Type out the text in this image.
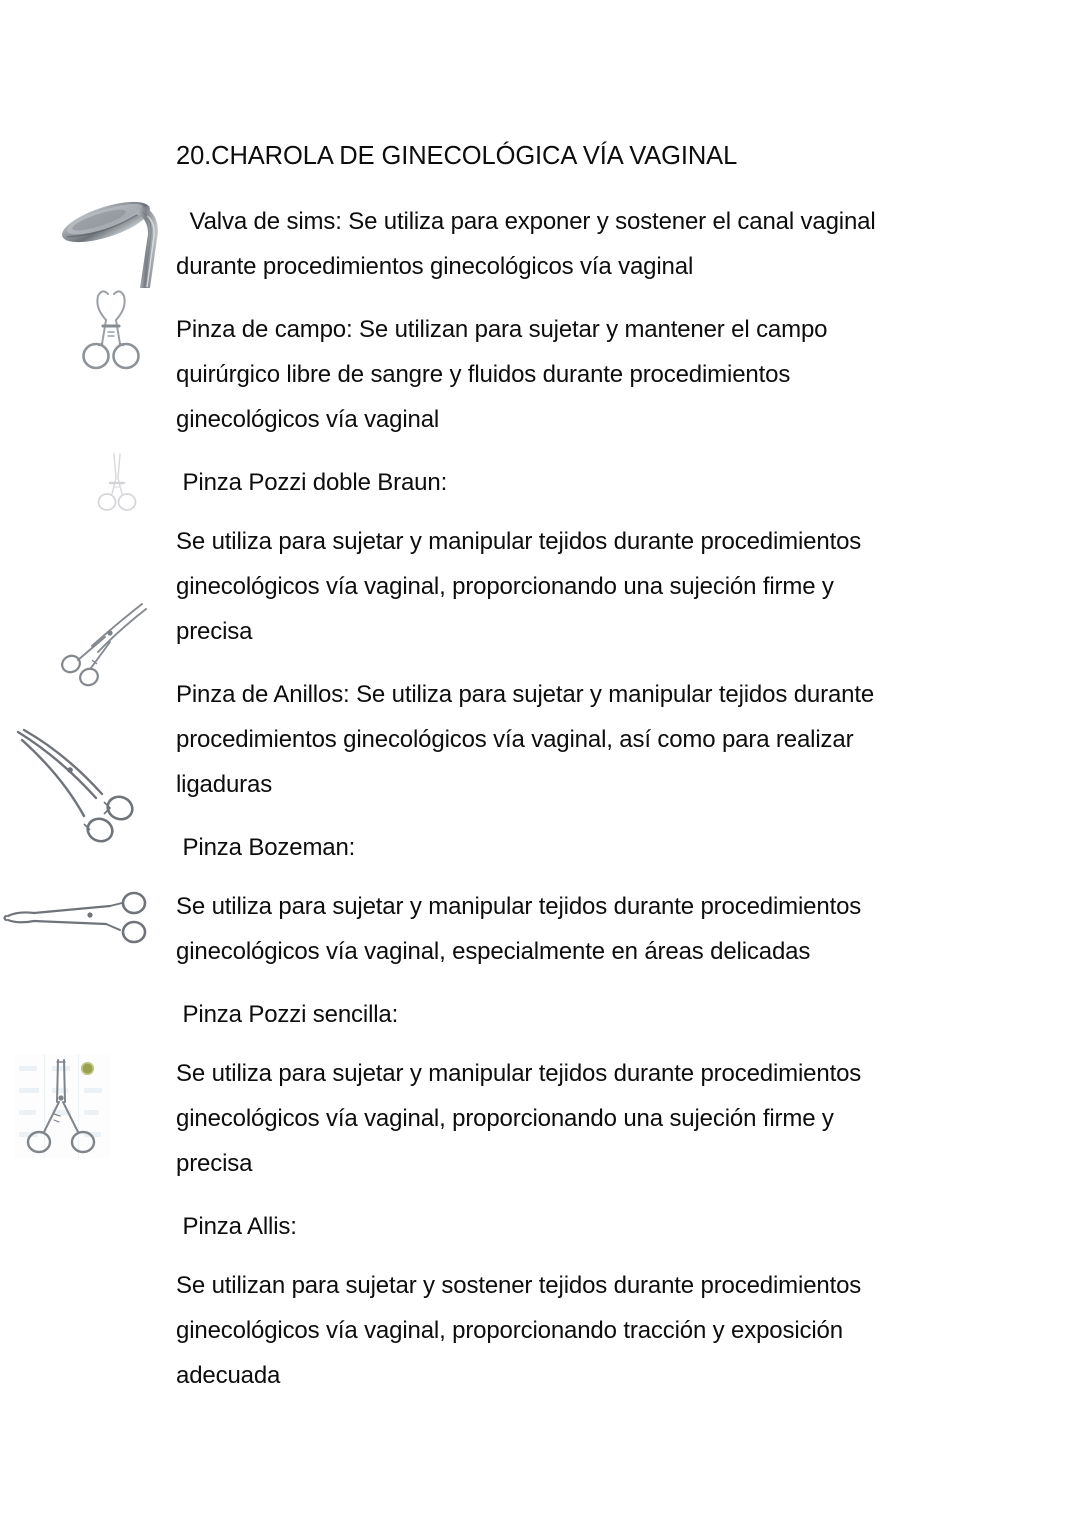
20.CHAROLA DE GINECOLÓGICA VÍA VAGINAL

Valva de sims: Se utiliza para exponer y sostener el canal vaginal durante procedimientos ginecológicos vía vaginal

Pinza de campo: Se utilizan para sujetar y mantener el campo quirúrgico libre de sangre y fluidos durante procedimientos ginecológicos vía vaginal

Pinza Pozzi doble Braun:

Se utiliza para sujetar y manipular tejidos durante procedimientos ginecológicos vía vaginal, proporcionando una sujeción firme y precisa

Pinza de Anillos: Se utiliza para sujetar y manipular tejidos durante procedimientos ginecológicos vía vaginal, así como para realizar ligaduras

Pinza Bozeman:

Se utiliza para sujetar y manipular tejidos durante procedimientos ginecológicos vía vaginal, especialmente en áreas delicadas

Pinza Pozzi sencilla:

Se utiliza para sujetar y manipular tejidos durante procedimientos ginecológicos vía vaginal, proporcionando una sujeción firme y precisa

Pinza Allis:

Se utilizan para sujetar y sostener tejidos durante procedimientos ginecológicos vía vaginal, proporcionando tracción y exposición adecuada
